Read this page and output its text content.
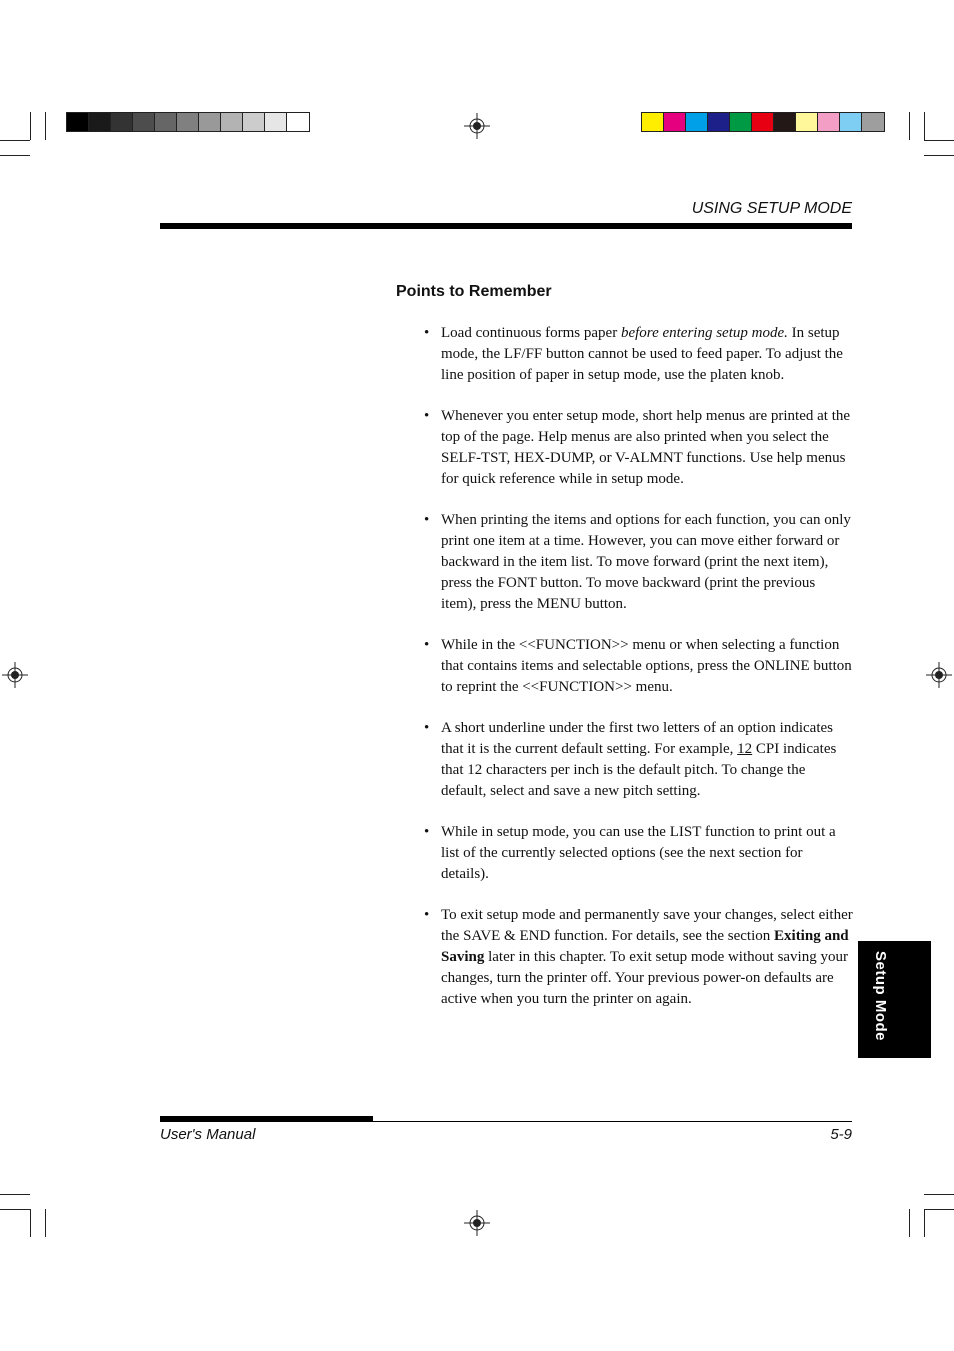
USING SETUP MODE
Points to Remember
• Load continuous forms paper before entering setup mode. In setup mode, the LF/FF button cannot be used to feed paper. To adjust the line position of paper in setup mode, use the platen knob.
• Whenever you enter setup mode, short help menus are printed at the top of the page. Help menus are also printed when you select the SELF-TST, HEX-DUMP, or V-ALMNT functions. Use help menus for quick reference while in setup mode.
• When printing the items and options for each function, you can only print one item at a time. However, you can move either forward or backward in the item list. To move forward (print the next item), press the FONT button. To move backward (print the previous item), press the MENU button.
• While in the <<FUNCTION>> menu or when selecting a function that contains items and selectable options, press the ONLINE button to reprint the <<FUNCTION>> menu.
• A short underline under the first two letters of an option indicates that it is the current default setting. For example, 12 CPI indicates that 12 characters per inch is the default pitch. To change the default, select and save a new pitch setting.
• While in setup mode, you can use the LIST function to print out a list of the currently selected options (see the next section for details).
• To exit setup mode and permanently save your changes, select either the SAVE & END function. For details, see the section Exiting and Saving later in this chapter. To exit setup mode without saving your changes, turn the printer off. Your previous power-on defaults are active when you turn the printer on again.	Setup Mode
User's Manual	5-9
